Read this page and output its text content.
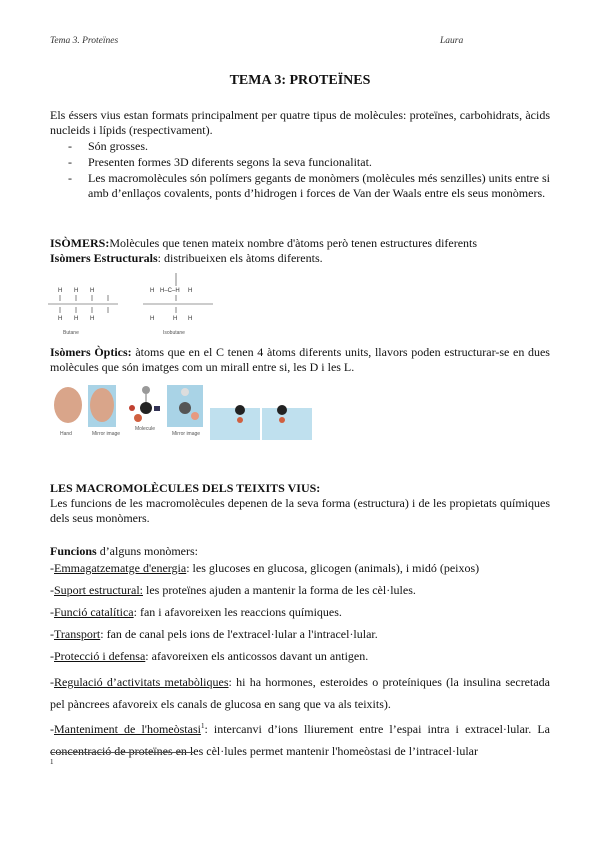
Tema 3. Proteïnes	Laura
TEMA 3: PROTEÏNES
Els éssers vius estan formats principalment per quatre tipus de molècules: proteïnes, carbohidrats, àcids nucleids i lípids (respectivament).
- Són grosses.
- Presenten formes 3D diferents segons la seva funcionalitat.
- Les macromolècules són polímers gegants de monòmers (molècules més senzilles) units entre si amb d’enllaços covalents, ponts d’hidrogen i forces de Van der Waals entre els seus monòmers.
ISÒMERS:Molècules que tenen mateix nombre d'àtoms però tenen estructures diferents
Isòmers Estructurals: distribueixen els àtoms diferents.
H H H
H H H
H H–C–H H
H	H H
Butane	Isobutane
Isòmers Òptics: àtoms que en el C tenen 4 àtoms diferents units, llavors poden estructurar-se en dues molècules que són imatges com un mirall entre si, les D i les L.
Hand	Mirror image
Molecule
Mirror image
LES MACROMOLÈCULES DELS TEIXITS VIUS:
Les funcions de les macromolècules depenen de la seva forma (estructura) i de les propietats químiques dels seus monòmers.
Funcions d’alguns monòmers:
-Emmagatzematge d'energia: les glucoses en glucosa, glicogen (animals), i midó (peixos)
-Suport estructural: les proteïnes ajuden a mantenir la forma de les cèl·lules.
-Funció catalítica: fan i afavoreixen les reaccions químiques.
-Transport: fan de canal pels ions de l'extracel·lular a l'intracel·lular.
-Protecció i defensa: afavoreixen els anticossos davant un antigen.
-Regulació d’activitats metabòliques: hi ha hormones, esteroides o proteíniques (la insulina secretada pel pàncrees afavoreix els canals de glucosa en sang que va als teixits).
-Manteniment de l'homeòstasi$^1$: intercanvi d’ions lliurement entre l’espai intra i extracel·lular. La concentració de proteïnes en les cèl·lules permet mantenir l'homeòstasi de l’intracel·lular
1
